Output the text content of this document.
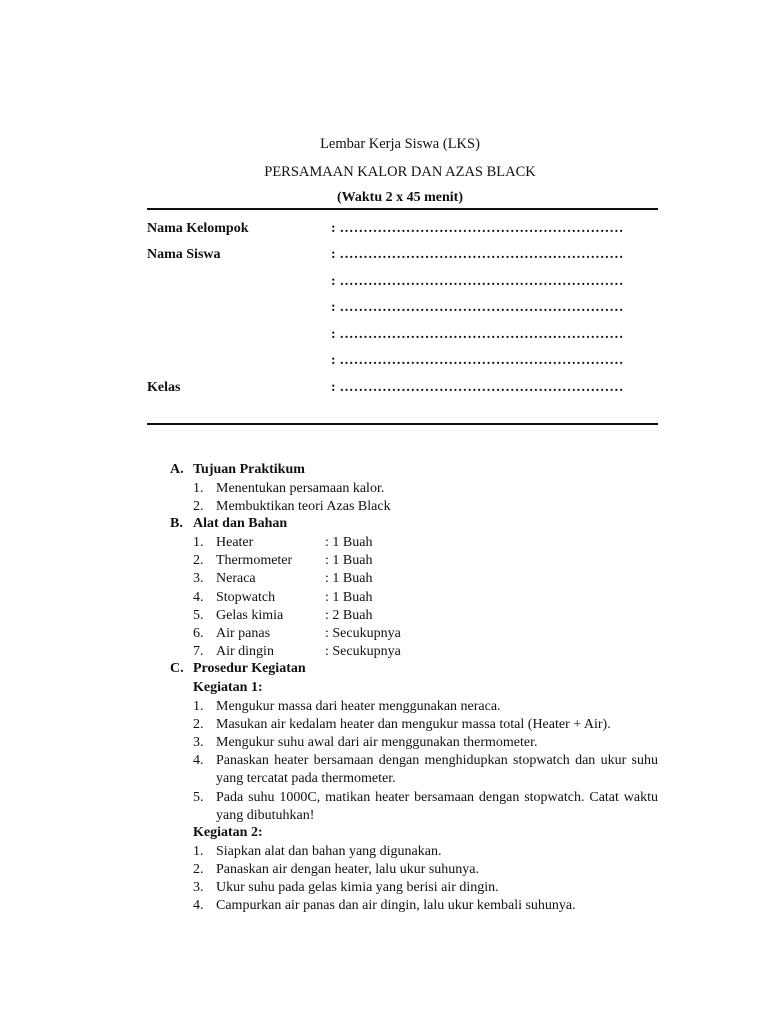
Lembar Kerja Siswa (LKS)
PERSAMAAN KALOR DAN AZAS BLACK
(Waktu 2 x 45 menit)
Nama Kelompok	: ……………………………………………………
Nama Siswa	: ……………………………………………………
: ……………………………………………………
: ……………………………………………………
: ……………………………………………………
: ……………………………………………………
Kelas	: ……………………………………………………
A. Tujuan Praktikum
1. Menentukan persamaan kalor.
2. Membuktikan teori Azas Black
B. Alat dan Bahan
1. Heater	: 1 Buah
2. Thermometer : 1 Buah
3. Neraca	: 1 Buah
4. Stopwatch	: 1 Buah
5. Gelas kimia	: 2 Buah
6. Air panas	: Secukupnya
7. Air dingin	: Secukupnya
C. Prosedur Kegiatan
Kegiatan 1:
1. Mengukur massa dari heater menggunakan neraca.
2. Masukan air kedalam heater dan mengukur massa total (Heater + Air).
3. Mengukur suhu awal dari air menggunakan thermometer.
4. Panaskan heater bersamaan dengan menghidupkan stopwatch dan ukur suhu yang tercatat pada thermometer.
5. Pada suhu 1000C, matikan heater bersamaan dengan stopwatch. Catat waktu yang dibutuhkan!
Kegiatan 2:
1. Siapkan alat dan bahan yang digunakan.
2. Panaskan air dengan heater, lalu ukur suhunya.
3. Ukur suhu pada gelas kimia yang berisi air dingin.
4. Campurkan air panas dan air dingin, lalu ukur kembali suhunya.
